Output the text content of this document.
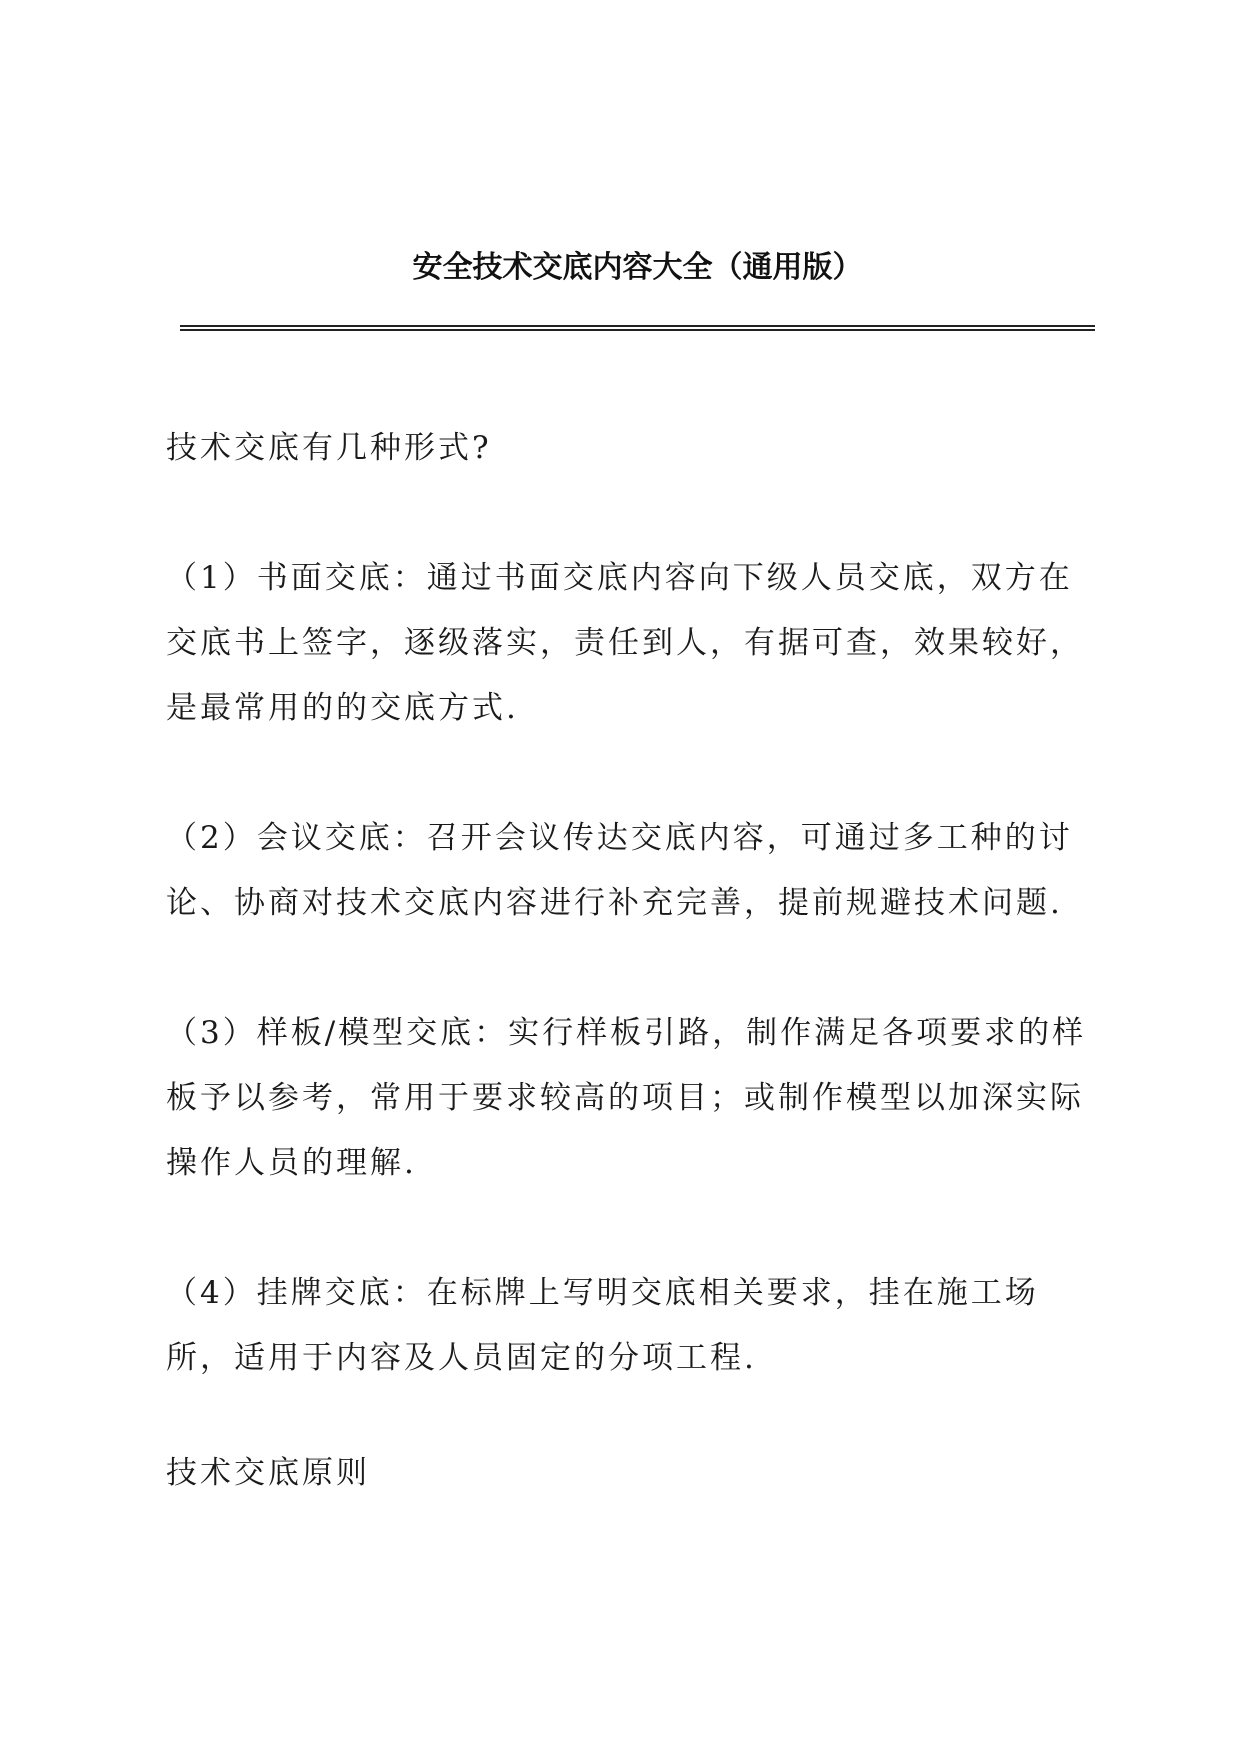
安全技术交底内容大全（通用版）

技术交底有几种形式?

（1）书面交底：通过书面交底内容向下级人员交底，双方在交底书上签字，逐级落实，责任到人，有据可查，效果较好，是最常用的的交底方式.

（2）会议交底：召开会议传达交底内容，可通过多工种的讨论、协商对技术交底内容进行补充完善，提前规避技术问题.

（3）样板/模型交底：实行样板引路，制作满足各项要求的样板予以参考，常用于要求较高的项目；或制作模型以加深实际操作人员的理解.

（4）挂牌交底：在标牌上写明交底相关要求，挂在施工场所，适用于内容及人员固定的分项工程.

技术交底原则
